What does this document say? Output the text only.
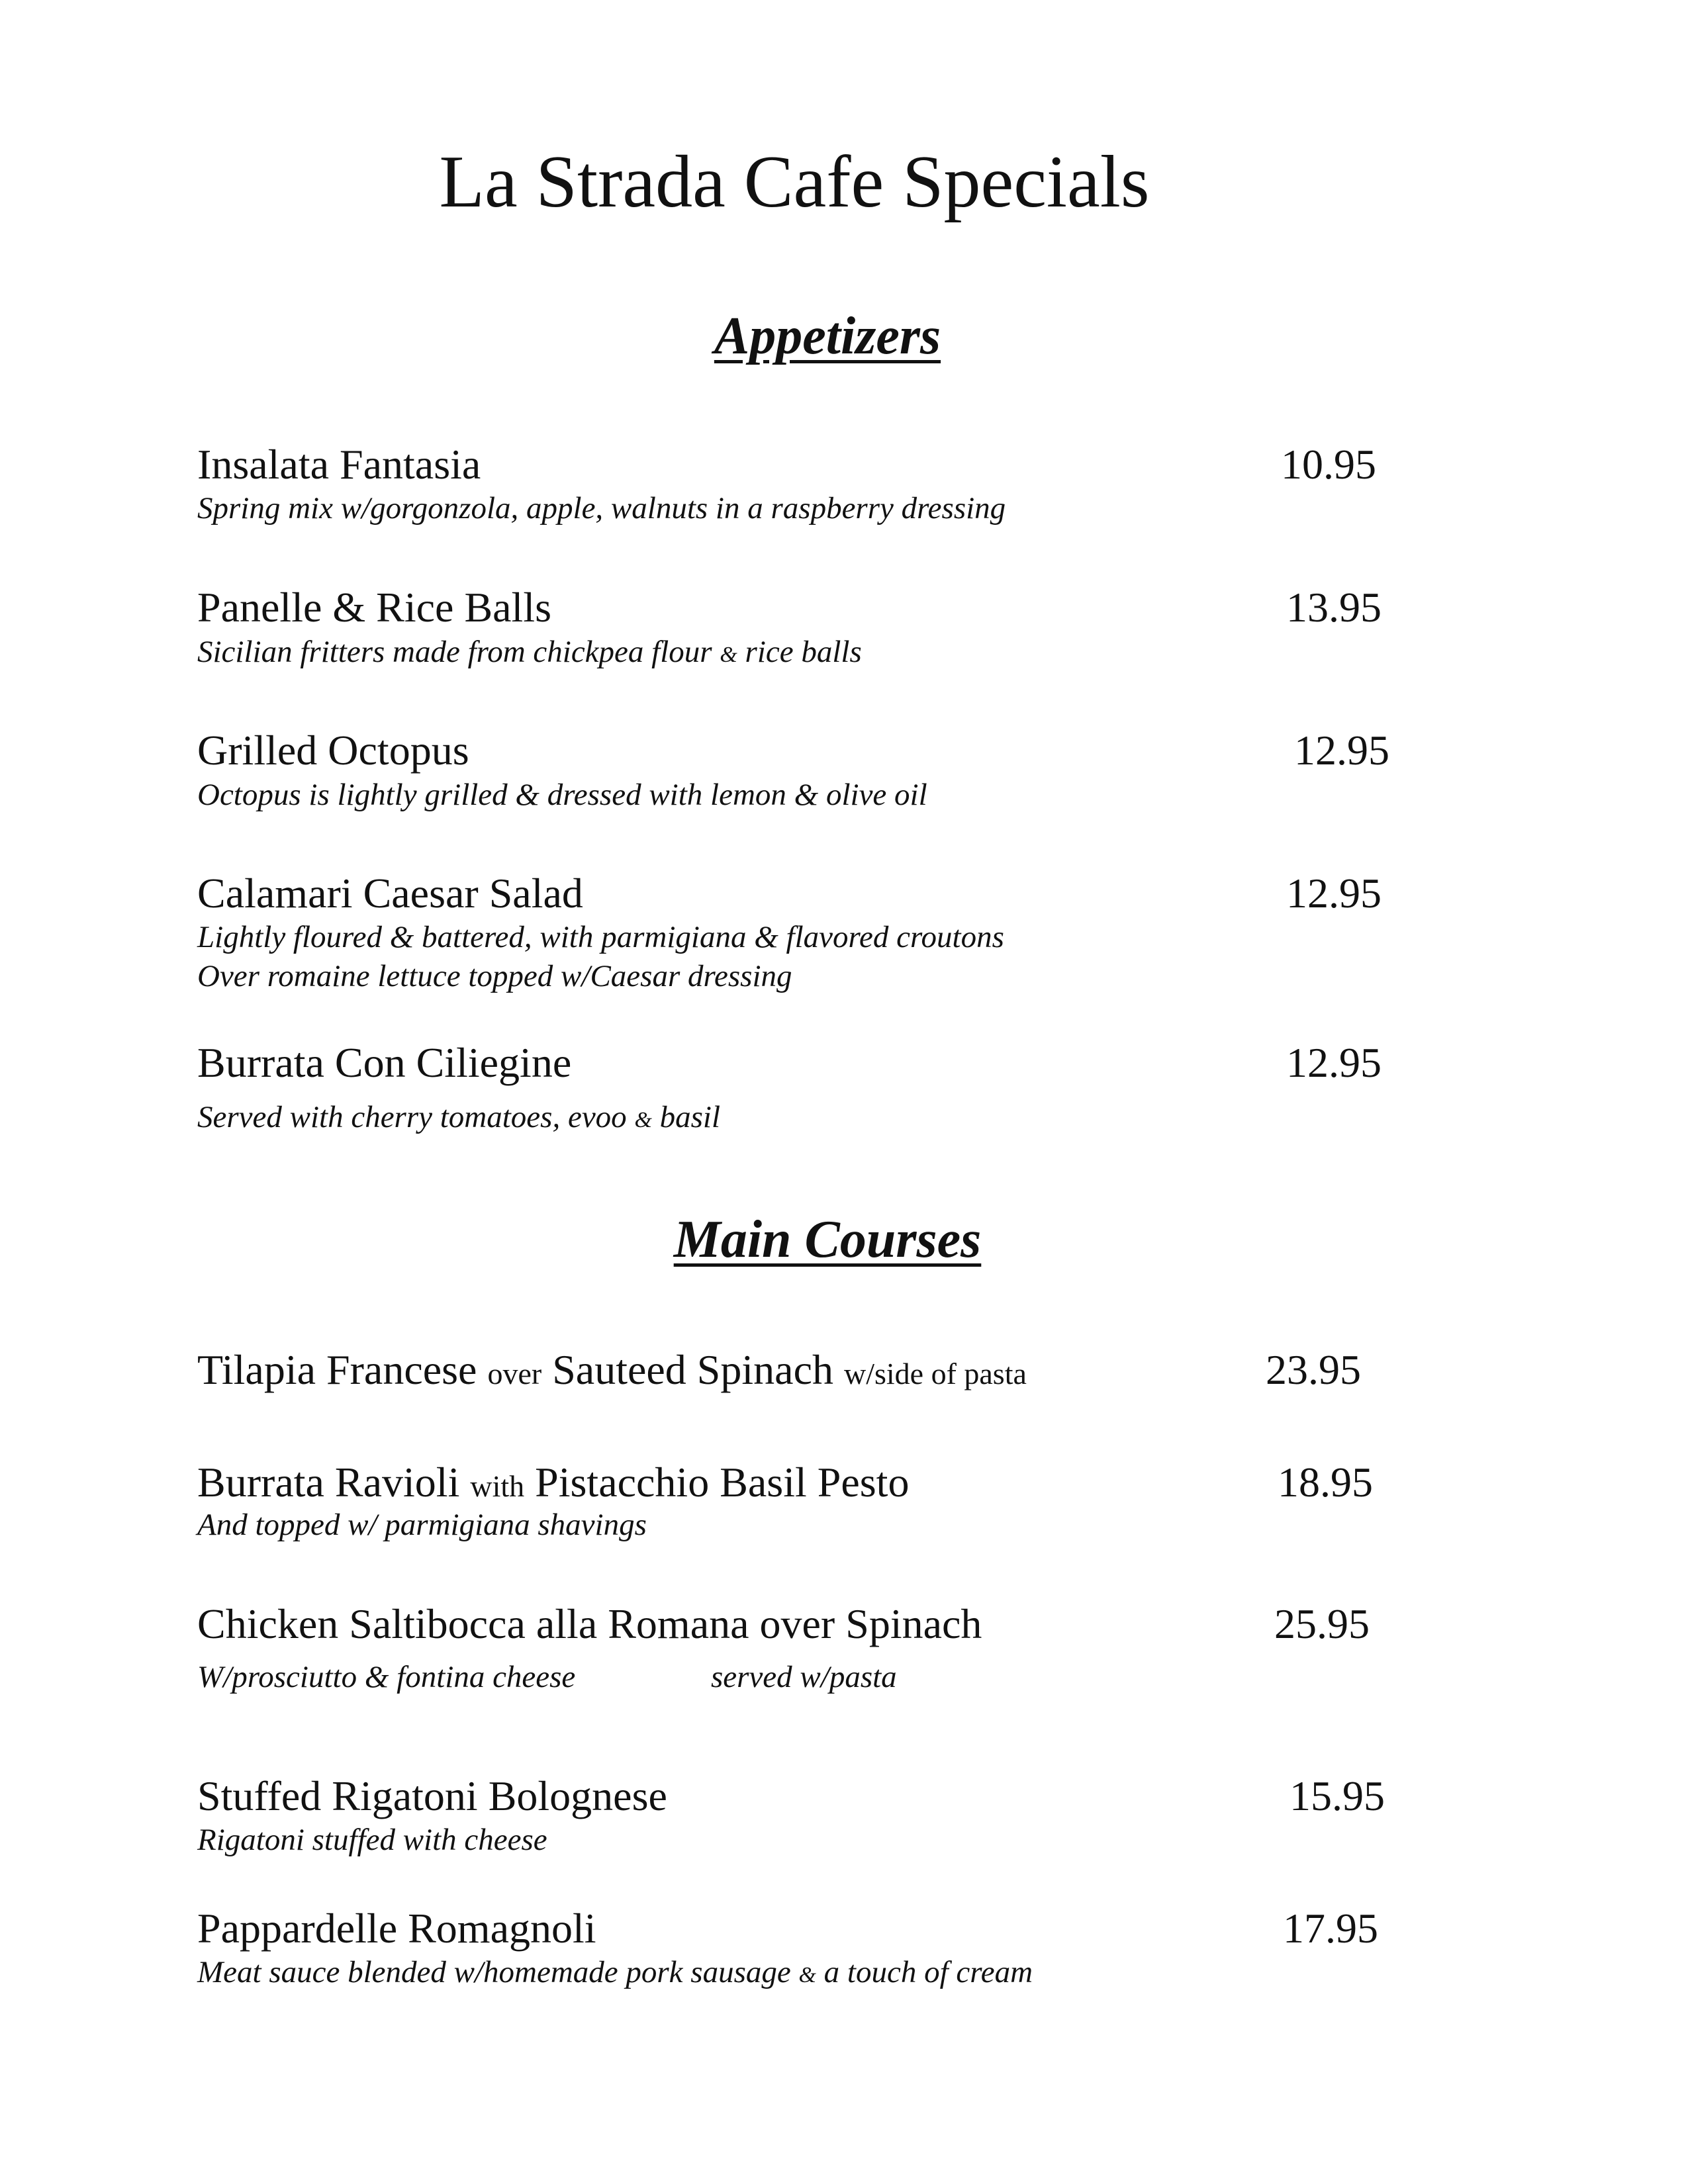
La Strada Cafe Specials
Appetizers
Insalata Fantasia	10.95
Spring mix w/gorgonzola, apple, walnuts in a raspberry dressing
Panelle & Rice Balls	13.95
Sicilian fritters made from chickpea flour & rice balls
Grilled Octopus	12.95
Octopus is lightly grilled & dressed with lemon & olive oil
Calamari Caesar Salad	12.95
Lightly floured & battered, with parmigiana & flavored croutons
Over romaine lettuce topped w/Caesar dressing
Burrata Con Ciliegine	12.95
Served with cherry tomatoes, evoo & basil
Main Courses
Tilapia Francese over Sauteed Spinach w/side of pasta	23.95
Burrata Ravioli with Pistacchio Basil Pesto	18.95
And topped w/ parmigiana shavings
Chicken Saltibocca alla Romana over Spinach	25.95
W/prosciutto & fontina cheese	served w/pasta
Stuffed Rigatoni Bolognese	15.95
Rigatoni stuffed with cheese
Pappardelle Romagnoli	17.95
Meat sauce blended w/homemade pork sausage & a touch of cream
